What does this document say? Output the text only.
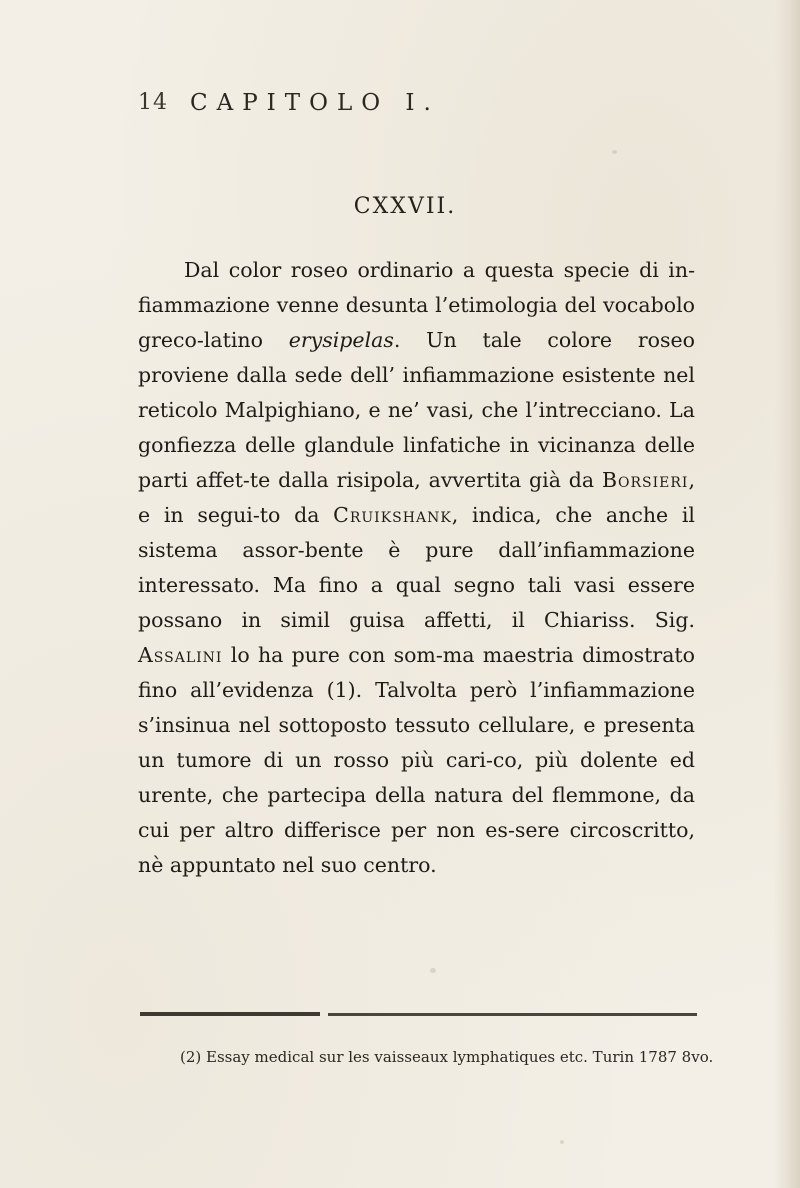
14 CAPITOLO I.
CXXVII.
Dal color roseo ordinario a questa specie di in-fiammazione venne desunta l’etimologia del vocabolo greco-latino erysipelas. Un tale colore roseo proviene dalla sede dell’ infiammazione esistente nel reticolo Malpighiano, e ne’ vasi, che l’intrecciano. La gonfiezza delle glandule linfatiche in vicinanza delle parti affet-te dalla risipola, avvertita già da Borsieri, e in segui-to da Cruikshank, indica, che anche il sistema assor-bente è pure dall’infiammazione interessato. Ma fino a qual segno tali vasi essere possano in simil guisa affetti, il Chiariss. Sig. Assalini lo ha pure con som-ma maestria dimostrato fino all’evidenza (1). Talvolta però l’infiammazione s’insinua nel sottoposto tessuto cellulare, e presenta un tumore di un rosso più cari-co, più dolente ed urente, che partecipa della natura del flemmone, da cui per altro differisce per non es-sere circoscritto, nè appuntato nel suo centro.
(2) Essay medical sur les vaisseaux lymphatiques etc. Turin 1787 8vo.
